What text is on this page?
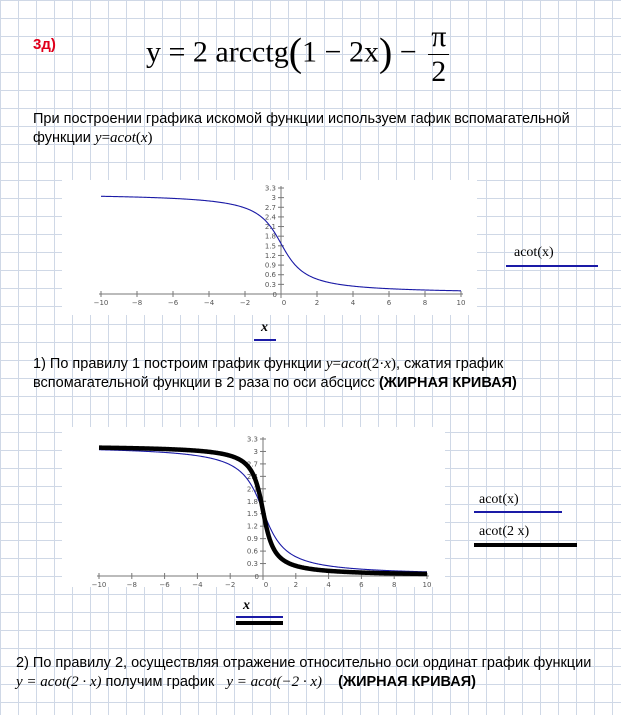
3д)	y = 2 arcctg(1 − $2x) - \frac{\pi}{2}$
При построении графика искомой функции используем гафик вспомагательной
функции y=acot(x)
−10	−8	−6	−4	−2	0	2	4	6	8	10
0.3
0.6
0.9
1.2
1.5
1.8
2.1
2.4
2.7
3
3.3
0
acot(x)
x
1) По правилу 1 построим график функции y=acot(2·x), сжатия график
вспомагательной функции в 2 раза по оси абсцисс (ЖИРНАЯ КРИВАЯ)
−10	−8	−6	−4	−2	0	2	4	6	8	10
0.3
0.6
0.9
1.2
1.5
1.8
2.1
2.4
2.7
3
3.3
0
acot(x)
acot(2 x)
x
2) По правилу 2, осуществляя отражение относительно оси ординат график функции
y = acot(2 · x) получим график y = acot(−2 · x) (ЖИРНАЯ КРИВАЯ)
